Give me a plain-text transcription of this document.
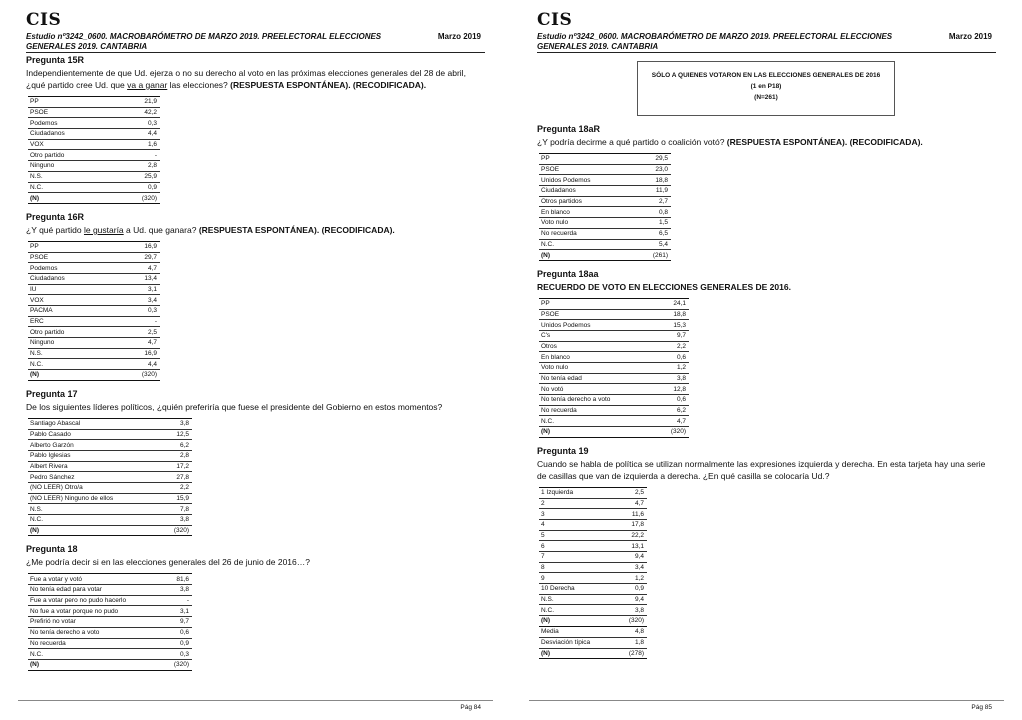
CIS
Estudio nº3242_0600. MACROBARÓMETRO DE MARZO 2019. PREELECTORAL ELECCIONES GENERALES 2019. CANTABRIA
Marzo 2019
Pregunta 15R
Independientemente de que Ud. ejerza o no su derecho al voto en las próximas elecciones generales del 28 de abril, ¿qué partido cree Ud. que va a ganar las elecciones? (RESPUESTA ESPONTÁNEA). (RECODIFICADA).
PP	21,9
PSOE	42,2
Podemos	0,3
Ciudadanos	4,4
VOX	1,6
Otro partido	-
Ninguno	2,8
N.S.	25,9
N.C.	0,9
(N)	(320)
Pregunta 16R
¿Y qué partido le gustaría a Ud. que ganara? (RESPUESTA ESPONTÁNEA). (RECODIFICADA).
PP	16,9
PSOE	29,7
Podemos	4,7
Ciudadanos	13,4
IU	3,1
VOX	3,4
PACMA	0,3
ERC	-
Otro partido	2,5
Ninguno	4,7
N.S.	16,9
N.C.	4,4
(N)	(320)
Pregunta 17
De los siguientes líderes políticos, ¿quién preferiría que fuese el presidente del Gobierno en estos momentos?
Santiago Abascal	3,8
Pablo Casado	12,5
Alberto Garzón	6,2
Pablo Iglesias	2,8
Albert Rivera	17,2
Pedro Sánchez	27,8
(NO LEER) Otro/a	2,2
(NO LEER) Ninguno de ellos	15,9
N.S.	7,8
N.C.	3,8
(N)	(320)
Pregunta 18
¿Me podría decir si en las elecciones generales del 26 de junio de 2016…?
Fue a votar y votó	81,6
No tenía edad para votar	3,8
Fue a votar pero no pudo hacerlo	-
No fue a votar porque no pudo	3,1
Prefirió no votar	9,7
No tenía derecho a voto	0,6
No recuerda	0,9
N.C.	0,3
(N)	(320)
Pág 84
CIS
Estudio nº3242_0600. MACROBARÓMETRO DE MARZO 2019. PREELECTORAL ELECCIONES GENERALES 2019. CANTABRIA
Marzo 2019
SÓLO A QUIENES VOTARON EN LAS ELECCIONES GENERALES DE 2016
(1 en P18)
(N=261)
Pregunta 18aR
¿Y podría decirme a qué partido o coalición votó? (RESPUESTA ESPONTÁNEA). (RECODIFICADA).
PP	29,5
PSOE	23,0
Unidos Podemos	18,8
Ciudadanos	11,9
Otros partidos	2,7
En blanco	0,8
Voto nulo	1,5
No recuerda	6,5
N.C.	5,4
(N)	(261)
Pregunta 18aa
RECUERDO DE VOTO EN ELECCIONES GENERALES DE 2016.
PP	24,1
PSOE	18,8
Unidos Podemos	15,3
C's	9,7
Otros	2,2
En blanco	0,6
Voto nulo	1,2
No tenía edad	3,8
No votó	12,8
No tenía derecho a voto	0,6
No recuerda	6,2
N.C.	4,7
(N)	(320)
Pregunta 19
Cuando se habla de política se utilizan normalmente las expresiones izquierda y derecha. En esta tarjeta hay una serie de casillas que van de izquierda a derecha. ¿En qué casilla se colocaría Ud.?
1 Izquierda	2,5
2	4,7
3	11,6
4	17,8
5	22,2
6	13,1
7	9,4
8	3,4
9	1,2
10 Derecha	0,9
N.S.	9,4
N.C.	3,8
(N)	(320)
Media	4,8
Desviación típica	1,8
(N)	(278)
Pág 85
